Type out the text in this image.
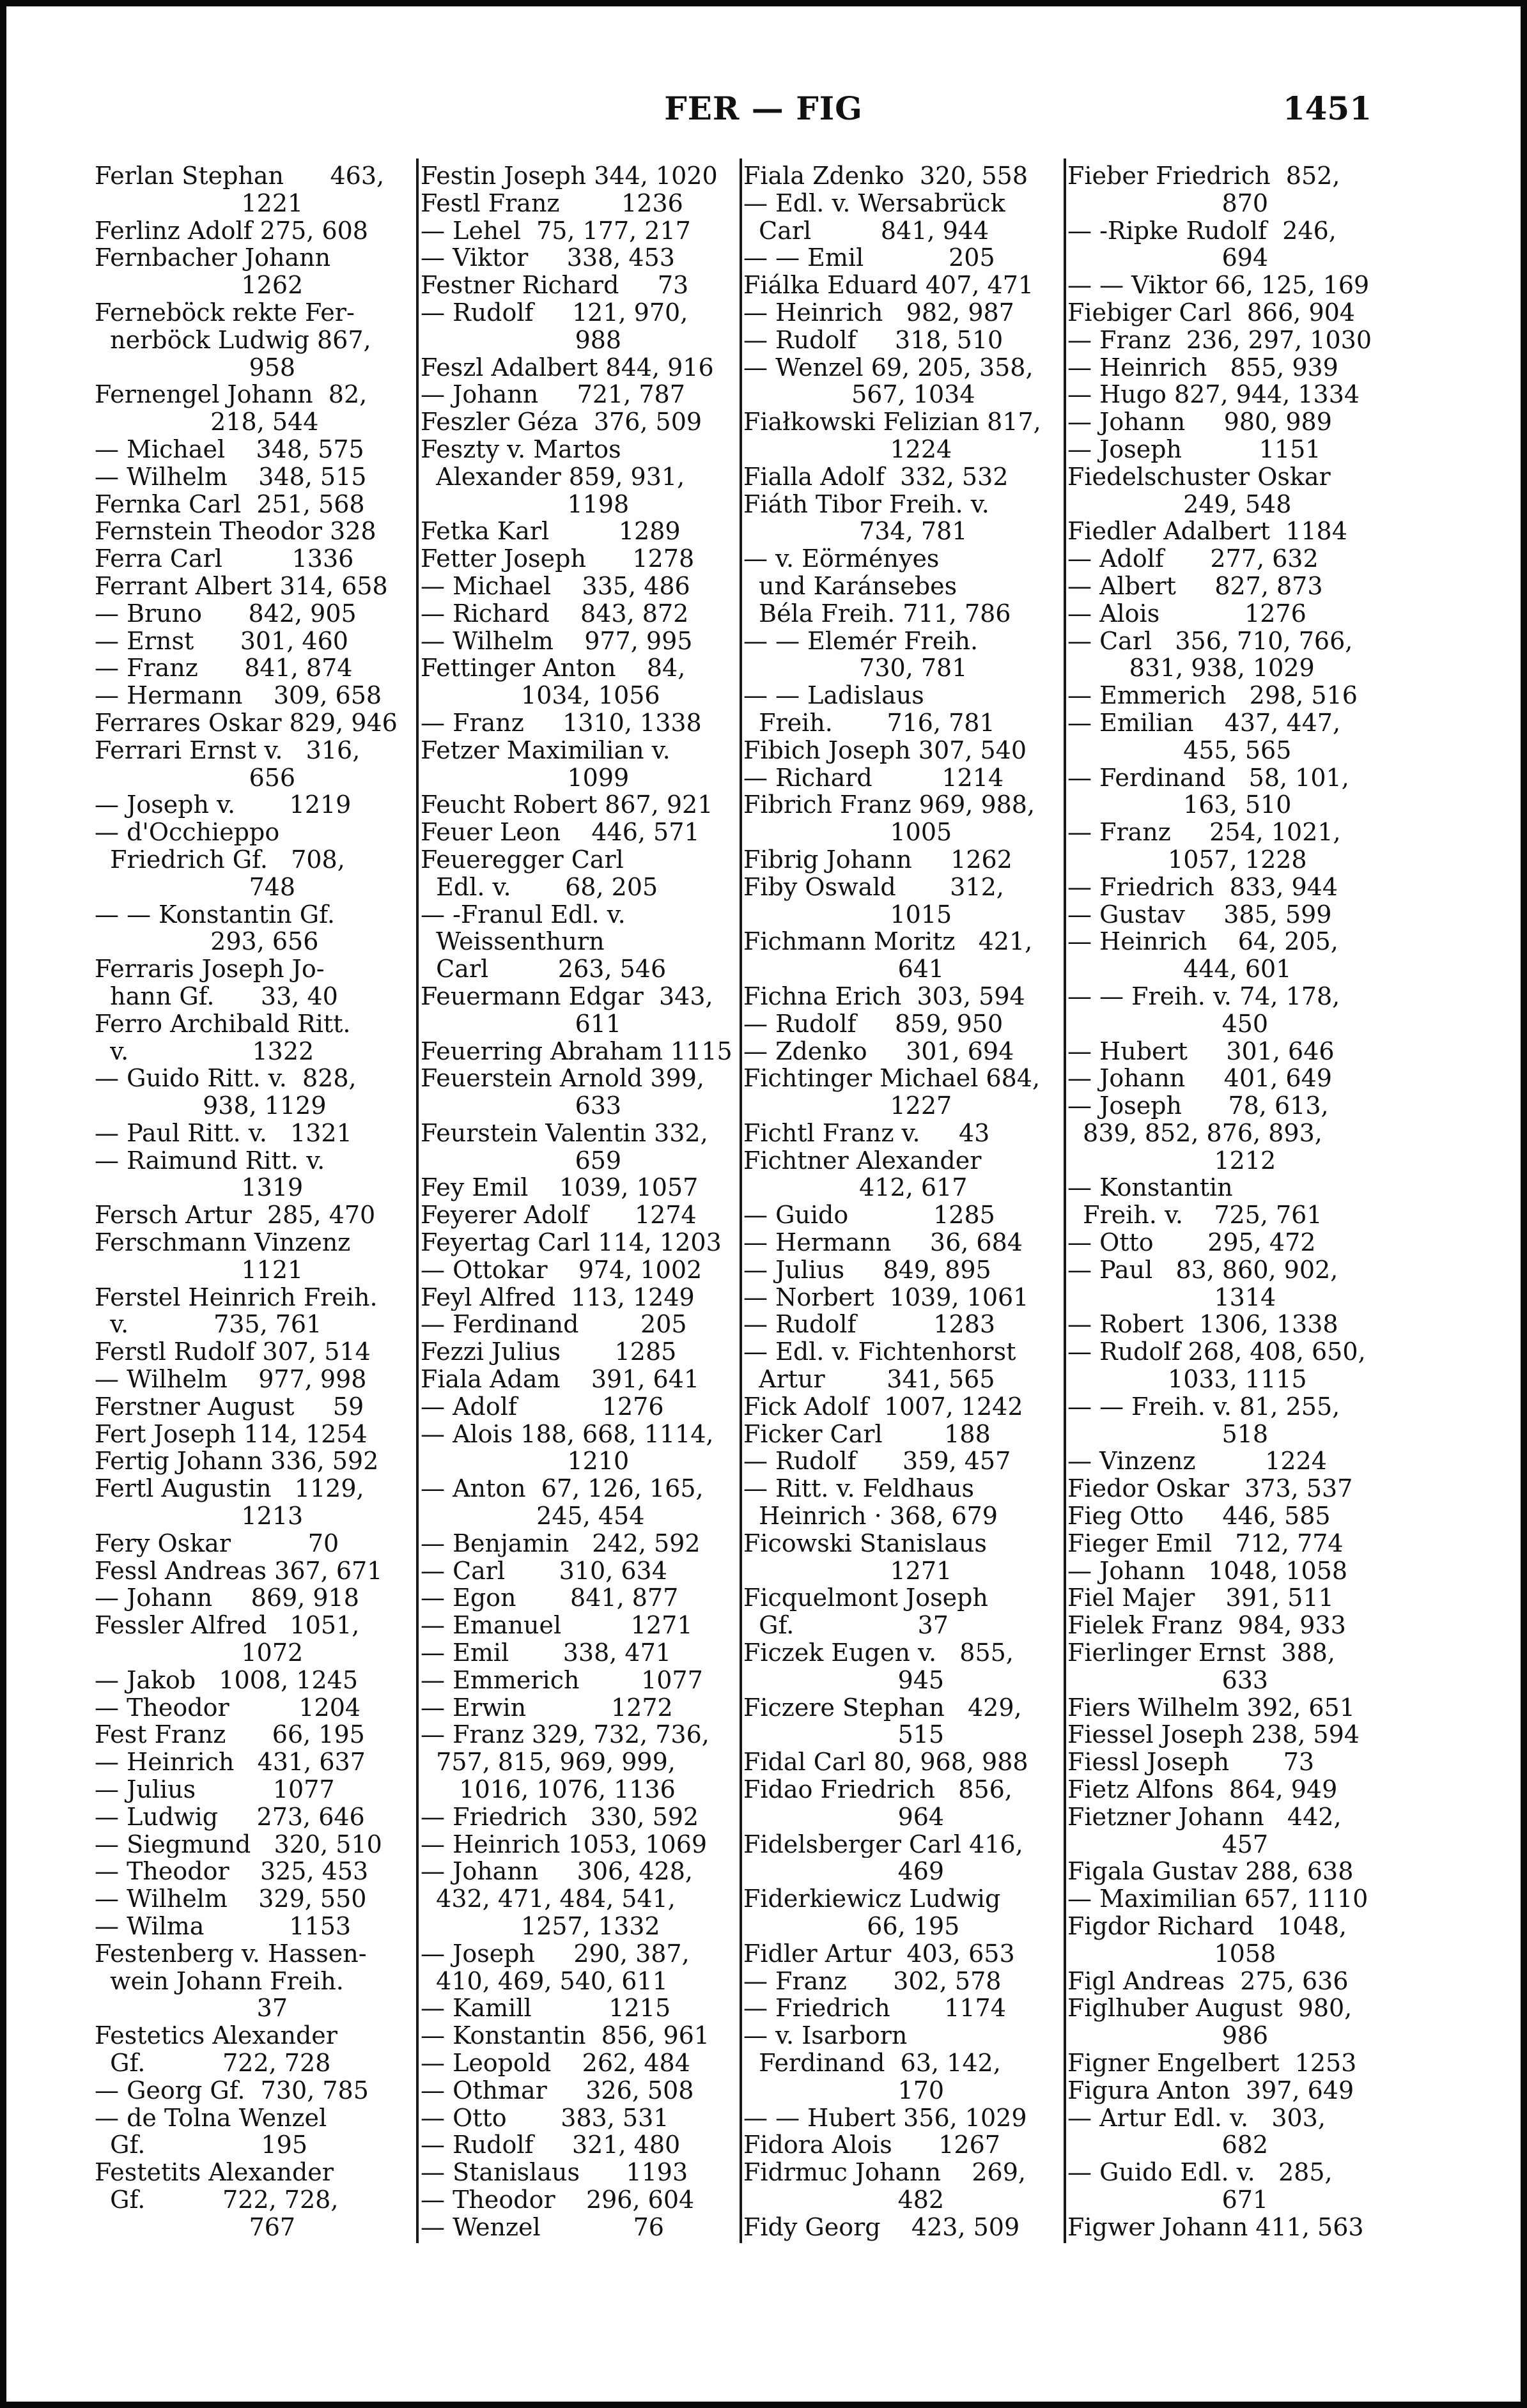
FER — FIG	1451
Ferlan Stephan      463,
1221
Ferlinz Adolf 275, 608
Fernbacher Johann
1262
Ferneböck rekte Fer-
nerböck Ludwig 867,
958
Fernengel Johann  82,
218, 544
— Michael    348, 575
— Wilhelm    348, 515
Fernka Carl  251, 568
Fernstein Theodor 328
Ferra Carl         1336
Ferrant Albert 314, 658
— Bruno      842, 905
— Ernst      301, 460
— Franz      841, 874
— Hermann    309, 658
Ferrares Oskar 829, 946
Ferrari Ernst v.   316,
656
— Joseph v.       1219
— d'Occhieppo
Friedrich Gf.   708,
748
— — Konstantin Gf.
293, 656
Ferraris Joseph Jo-
hann Gf.      33, 40
Ferro Archibald Ritt.
v.                1322
— Guido Ritt. v.  828,
938, 1129
— Paul Ritt. v.   1321
— Raimund Ritt. v.
1319
Fersch Artur  285, 470
Ferschmann Vinzenz
1121
Ferstel Heinrich Freih.
v.           735, 761
Ferstl Rudolf 307, 514
— Wilhelm    977, 998
Ferstner August     59
Fert Joseph 114, 1254
Fertig Johann 336, 592
Fertl Augustin   1129,
1213
Fery Oskar          70
Fessl Andreas 367, 671
— Johann     869, 918
Fessler Alfred   1051,
1072
— Jakob   1008, 1245
— Theodor         1204
Fest Franz      66, 195
— Heinrich   431, 637
— Julius          1077
— Ludwig     273, 646
— Siegmund   320, 510
— Theodor    325, 453
— Wilhelm    329, 550
— Wilma           1153
Festenberg v. Hassen-
wein Johann Freih.
37
Festetics Alexander
Gf.          722, 728
— Georg Gf.  730, 785
— de Tolna Wenzel
Gf.               195
Festetits Alexander
Gf.          722, 728,
767
Festin Joseph 344, 1020
Festl Franz        1236
— Lehel  75, 177, 217
— Viktor     338, 453
Festner Richard     73
— Rudolf     121, 970,
988
Feszl Adalbert 844, 916
— Johann     721, 787
Feszler Géza  376, 509
Feszty v. Martos
Alexander 859, 931,
1198
Fetka Karl         1289
Fetter Joseph      1278
— Michael    335, 486
— Richard    843, 872
— Wilhelm    977, 995
Fettinger Anton    84,
1034, 1056
— Franz     1310, 1338
Fetzer Maximilian v.
1099
Feucht Robert 867, 921
Feuer Leon    446, 571
Feueregger Carl
Edl. v.       68, 205
— -Franul Edl. v.
Weissenthurn
Carl         263, 546
Feuermann Edgar  343,
611
Feuerring Abraham 1115
Feuerstein Arnold 399,
633
Feurstein Valentin 332,
659
Fey Emil    1039, 1057
Feyerer Adolf      1274
Feyertag Carl 114, 1203
— Ottokar    974, 1002
Feyl Alfred  113, 1249
— Ferdinand        205
Fezzi Julius       1285
Fiala Adam    391, 641
— Adolf           1276
— Alois 188, 668, 1114,
1210
— Anton  67, 126, 165,
245, 454
— Benjamin   242, 592
— Carl       310, 634
— Egon       841, 877
— Emanuel         1271
— Emil       338, 471
— Emmerich        1077
— Erwin           1272
— Franz 329, 732, 736,
757, 815, 969, 999,
1016, 1076, 1136
— Friedrich   330, 592
— Heinrich 1053, 1069
— Johann     306, 428,
432, 471, 484, 541,
1257, 1332
— Joseph     290, 387,
410, 469, 540, 611
— Kamill          1215
— Konstantin  856, 961
— Leopold    262, 484
— Othmar     326, 508
— Otto       383, 531
— Rudolf     321, 480
— Stanislaus      1193
— Theodor    296, 604
— Wenzel            76
Fiala Zdenko  320, 558
— Edl. v. Wersabrück
Carl         841, 944
— — Emil           205
Fiálka Eduard 407, 471
— Heinrich   982, 987
— Rudolf     318, 510
— Wenzel 69, 205, 358,
567, 1034
Fiałkowski Felizian 817,
1224
Fialla Adolf  332, 532
Fiáth Tibor Freih. v.
734, 781
— v. Eörményes
und Karánsebes
Béla Freih. 711, 786
— — Elemér Freih.
730, 781
— — Ladislaus
Freih.       716, 781
Fibich Joseph 307, 540
— Richard         1214
Fibrich Franz 969, 988,
1005
Fibrig Johann     1262
Fiby Oswald       312,
1015
Fichmann Moritz   421,
641
Fichna Erich  303, 594
— Rudolf     859, 950
— Zdenko     301, 694
Fichtinger Michael 684,
1227
Fichtl Franz v.     43
Fichtner Alexander
412, 617
— Guido           1285
— Hermann     36, 684
— Julius     849, 895
— Norbert  1039, 1061
— Rudolf          1283
— Edl. v. Fichtenhorst
Artur        341, 565
Fick Adolf  1007, 1242
Ficker Carl        188
— Rudolf      359, 457
— Ritt. v. Feldhaus
Heinrich · 368, 679
Ficowski Stanislaus
1271
Ficquelmont Joseph
Gf.                37
Ficzek Eugen v.   855,
945
Ficzere Stephan   429,
515
Fidal Carl 80, 968, 988
Fidao Friedrich   856,
964
Fidelsberger Carl 416,
469
Fiderkiewicz Ludwig
66, 195
Fidler Artur  403, 653
— Franz      302, 578
— Friedrich       1174
— v. Isarborn
Ferdinand  63, 142,
170
— — Hubert 356, 1029
Fidora Alois      1267
Fidrmuc Johann    269,
482
Fidy Georg    423, 509
Fieber Friedrich  852,
870
— -Ripke Rudolf  246,
694
— — Viktor 66, 125, 169
Fiebiger Carl  866, 904
— Franz  236, 297, 1030
— Heinrich   855, 939
— Hugo 827, 944, 1334
— Johann     980, 989
— Joseph          1151
Fiedelschuster Oskar
249, 548
Fiedler Adalbert  1184
— Adolf      277, 632
— Albert     827, 873
— Alois           1276
— Carl   356, 710, 766,
831, 938, 1029
— Emmerich   298, 516
— Emilian    437, 447,
455, 565
— Ferdinand   58, 101,
163, 510
— Franz     254, 1021,
1057, 1228
— Friedrich  833, 944
— Gustav     385, 599
— Heinrich    64, 205,
444, 601
— — Freih. v. 74, 178,
450
— Hubert     301, 646
— Johann     401, 649
— Joseph      78, 613,
839, 852, 876, 893,
1212
— Konstantin
Freih. v.    725, 761
— Otto       295, 472
— Paul   83, 860, 902,
1314
— Robert  1306, 1338
— Rudolf 268, 408, 650,
1033, 1115
— — Freih. v. 81, 255,
518
— Vinzenz         1224
Fiedor Oskar  373, 537
Fieg Otto     446, 585
Fieger Emil   712, 774
— Johann   1048, 1058
Fiel Majer    391, 511
Fielek Franz  984, 933
Fierlinger Ernst  388,
633
Fiers Wilhelm 392, 651
Fiessel Joseph 238, 594
Fiessl Joseph       73
Fietz Alfons  864, 949
Fietzner Johann   442,
457
Figala Gustav 288, 638
— Maximilian 657, 1110
Figdor Richard   1048,
1058
Figl Andreas  275, 636
Figlhuber August  980,
986
Figner Engelbert  1253
Figura Anton  397, 649
— Artur Edl. v.   303,
682
— Guido Edl. v.   285,
671
Figwer Johann 411, 563
